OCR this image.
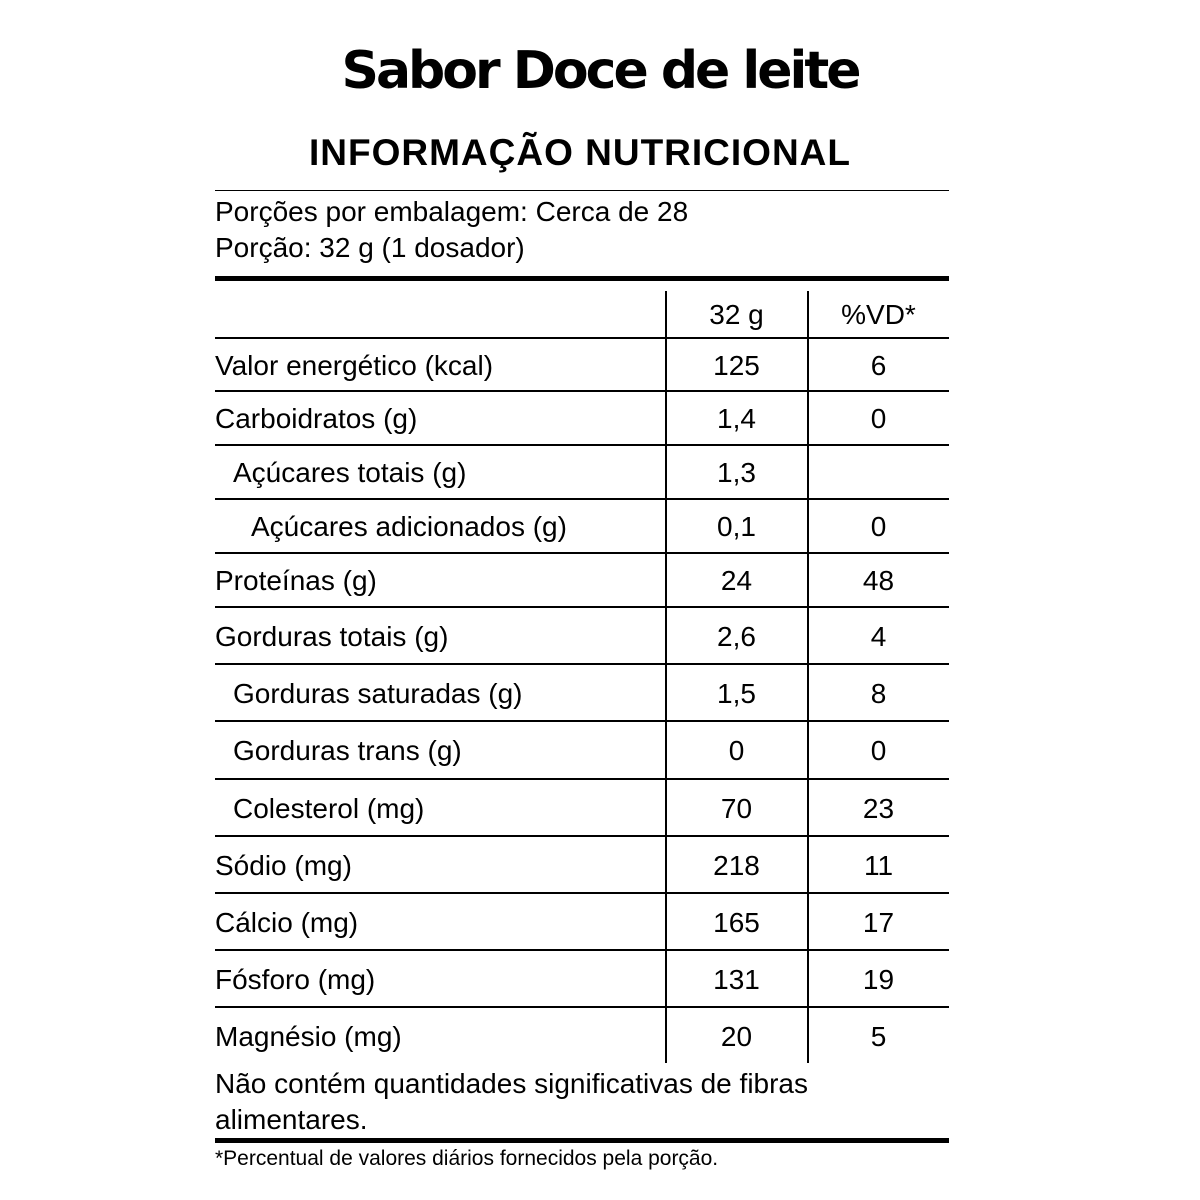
Sabor Doce de leite
INFORMAÇÃO NUTRICIONAL
Porções por embalagem: Cerca de 28
Porção: 32 g (1 dosador)
32 g	%VD*
Valor energético (kcal)	125	6
Carboidratos (g)	1,4	0
Açúcares totais (g)	1,3
Açúcares adicionados (g)	0,1	0
Proteínas (g)	24	48
Gorduras totais (g)	2,6	4
Gorduras saturadas (g)	1,5	8
Gorduras trans (g)	0	0
Colesterol (mg)	70	23
Sódio (mg)	218	11
Cálcio (mg)	165	17
Fósforo (mg)	131	19
Magnésio (mg)	20	5
Não contém quantidades significativas de fibras alimentares.
*Percentual de valores diários fornecidos pela porção.
